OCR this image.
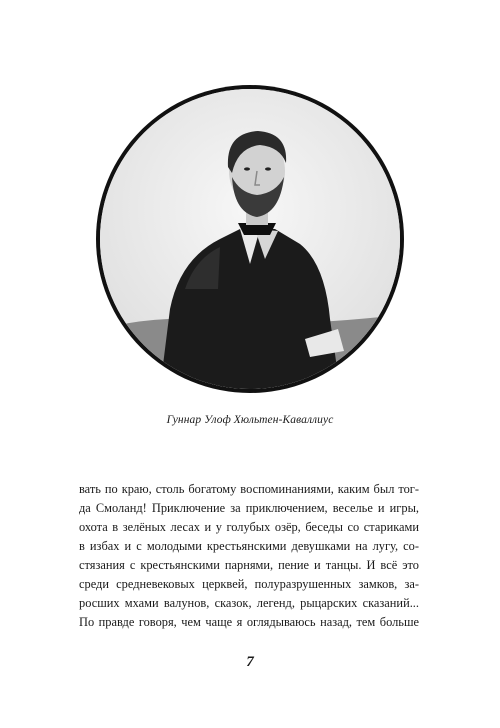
Гуннар Улоф Хюльтен-Каваллиус
вать по краю, столь богатому воспоминаниями, каким был тог-
да Смоланд! Приключение за приключением, веселье и игры,
охота в зелёных лесах и у голубых озёр, беседы со стариками
в избах и с молодыми крестьянскими девушками на лугу, со-
стязания с крестьянскими парнями, пение и танцы. И всё это
среди средневековых церквей, полуразрушенных замков, за-
росших мхами валунов, сказок, легенд, рыцарских сказаний...
По правде говоря, чем чаще я оглядываюсь назад, тем больше
7
